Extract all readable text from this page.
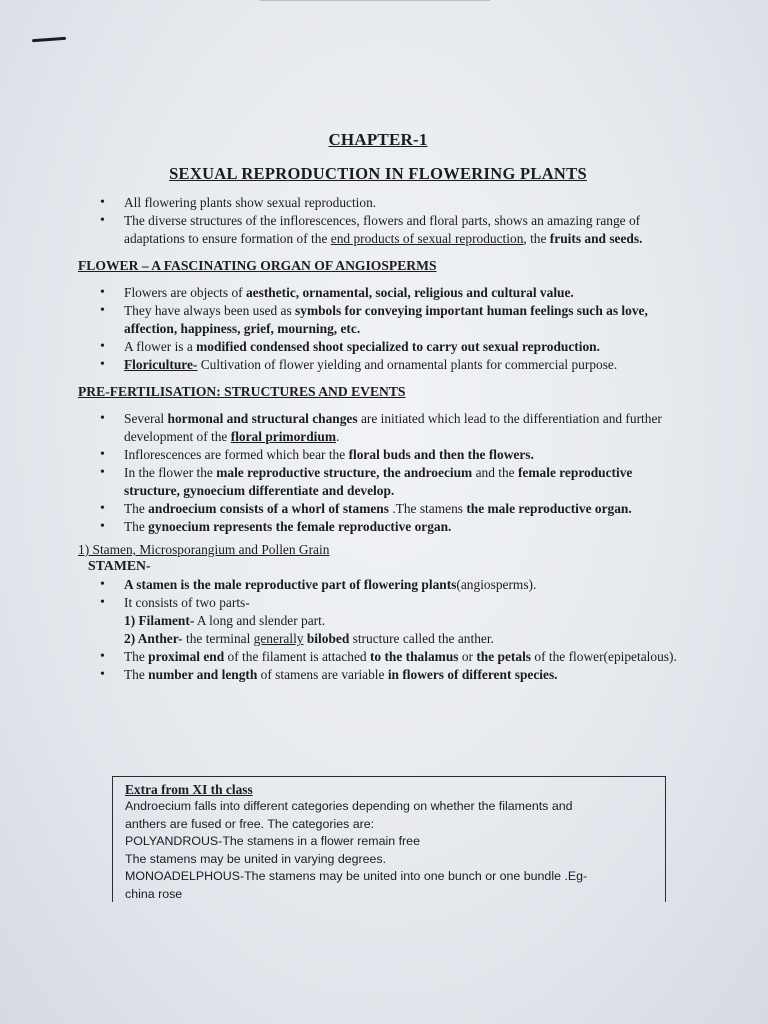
CHAPTER-1
SEXUAL REPRODUCTION IN FLOWERING PLANTS
• All flowering plants show sexual reproduction.
• The diverse structures of the inflorescences, flowers and floral parts, shows an amazing range of adaptations to ensure formation of the end products of sexual reproduction, the fruits and seeds.
FLOWER – A FASCINATING ORGAN OF ANGIOSPERMS
• Flowers are objects of aesthetic, ornamental, social, religious and cultural value.
• They have always been used as symbols for conveying important human feelings such as love, affection, happiness, grief, mourning, etc.
• A flower is a modified condensed shoot specialized to carry out sexual reproduction.
• Floriculture- Cultivation of flower yielding and ornamental plants for commercial purpose.
PRE-FERTILISATION: STRUCTURES AND EVENTS
• Several hormonal and structural changes are initiated which lead to the differentiation and further development of the floral primordium.
• Inflorescences are formed which bear the floral buds and then the flowers.
• In the flower the male reproductive structure, the androecium and the female reproductive structure, gynoecium differentiate and develop.
• The androecium consists of a whorl of stamens .The stamens the male reproductive organ.
• The gynoecium represents the female reproductive organ.
1) Stamen, Microsporangium and Pollen Grain
STAMEN-
• A stamen is the male reproductive part of flowering plants(angiosperms).
• It consists of two parts-
1) Filament- A long and slender part.
2) Anther- the terminal generally bilobed structure called the anther.
• The proximal end of the filament is attached to the thalamus or the petals of the flower(epipetalous).
• The number and length of stamens are variable in flowers of different species.
Extra from XI th class
Androecium falls into different categories depending on whether the filaments and
anthers are fused or free. The categories are:
POLYANDROUS-The stamens in a flower remain free
The stamens may be united in varying degrees.
MONOADELPHOUS-The stamens may be united into one bunch or one bundle .Eg-
china rose
